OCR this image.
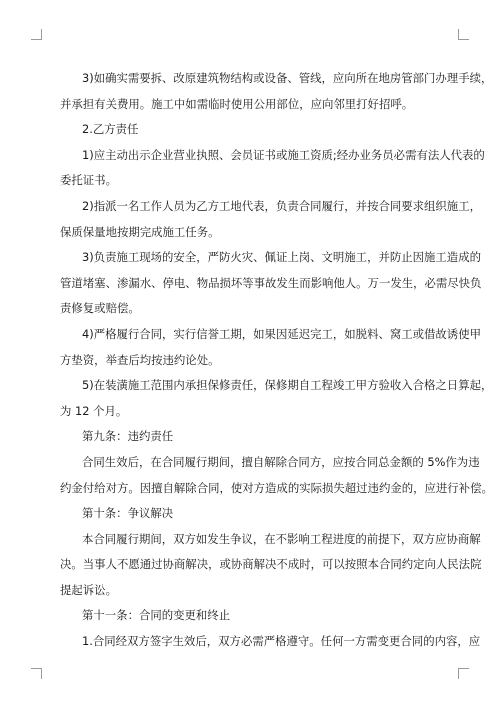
3)如确实需要拆、改原建筑物结构或设备、管线，应向所在地房管部门办理手续，
并承担有关费用。施工中如需临时使用公用部位，应向邻里打好招呼。
2.乙方责任
1)应主动出示企业营业执照、会员证书或施工资质;经办业务员必需有法人代表的
委托证书。
2)指派一名工作人员为乙方工地代表，负责合同履行，并按合同要求组织施工，
保质保量地按期完成施工任务。
3)负责施工现场的安全，严防火灾、佩证上岗、文明施工，并防止因施工造成的
管道堵塞、渗漏水、停电、物品损坏等事故发生而影响他人。万一发生，必需尽快负
责修复或赔偿。
4)严格履行合同，实行信誉工期，如果因延迟完工，如脱料、窝工或借故诱使甲
方垫资，举查后均按违约论处。
5)在装潢施工范围内承担保修责任，保修期自工程竣工甲方验收入合格之日算起，
为 12 个月。
第九条：违约责任
合同生效后，在合同履行期间，擅自解除合同方，应按合同总金额的 5%作为违
约金付给对方。因擅自解除合同，使对方造成的实际损失超过违约金的，应进行补偿。
第十条：争议解决
本合同履行期间，双方如发生争议，在不影响工程进度的前提下，双方应协商解
决。当事人不愿通过协商解决，或协商解决不成时，可以按照本合同约定向人民法院
提起诉讼。
第十一条：合同的变更和终止
1.合同经双方签字生效后，双方必需严格遵守。任何一方需变更合同的内容，应
